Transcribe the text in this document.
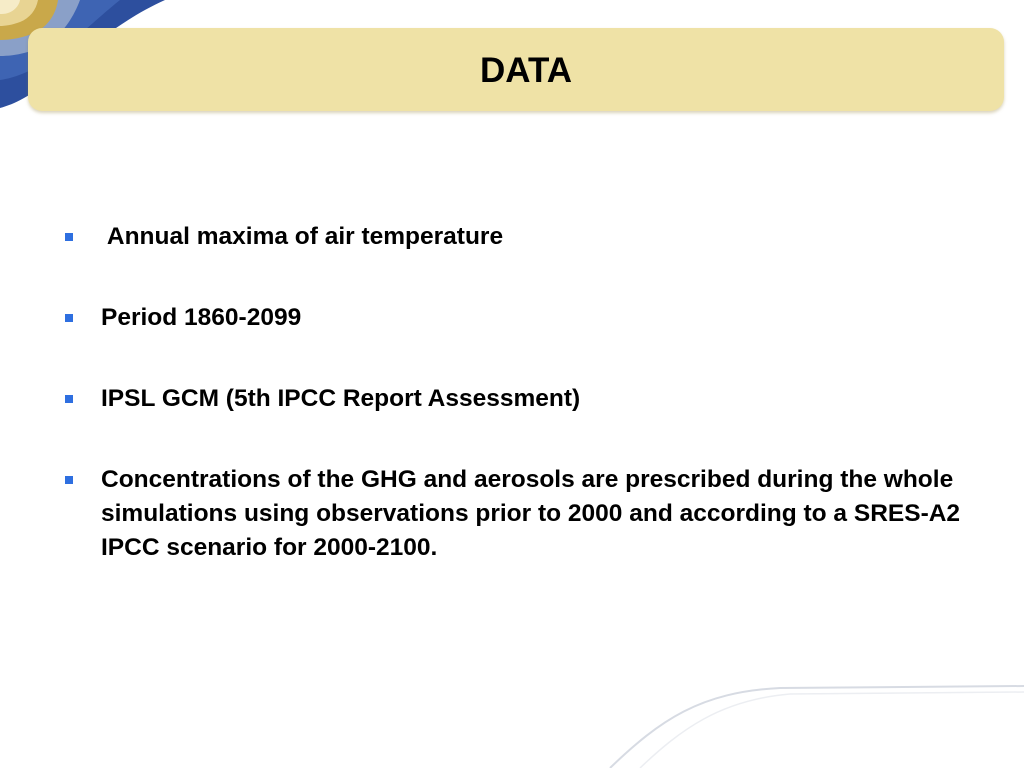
DATA
Annual maxima of air temperature
Period 1860-2099
IPSL GCM (5th IPCC Report Assessment)
Concentrations of the GHG and aerosols are prescribed during the whole simulations using observations prior to 2000 and according to a SRES-A2 IPCC scenario for 2000-2100.
